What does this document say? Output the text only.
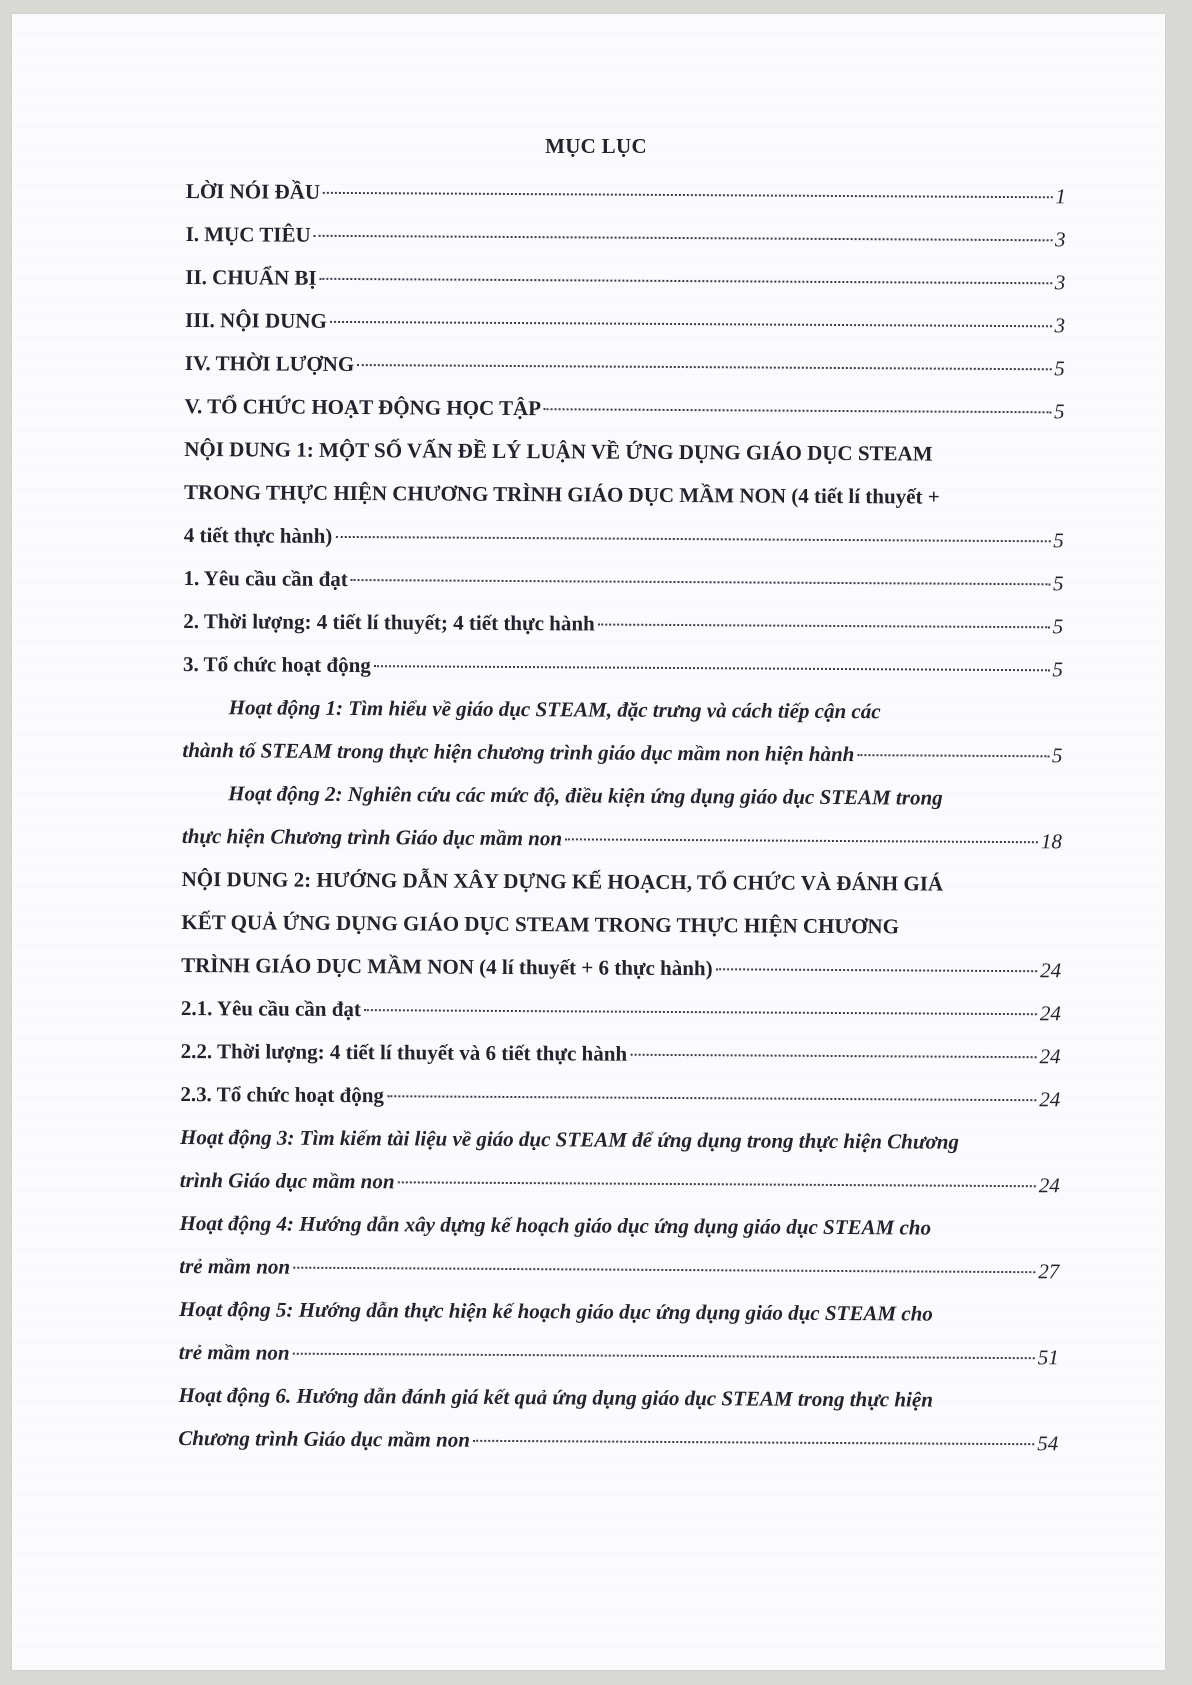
MỤC LỤC
LỜI NÓI ĐẦU	1
I. MỤC TIÊU	3
II. CHUẨN BỊ	3
III. NỘI DUNG	3
IV. THỜI LƯỢNG	5
V. TỔ CHỨC HOẠT ĐỘNG HỌC TẬP	5
NỘI DUNG 1: MỘT SỐ VẤN ĐỀ LÝ LUẬN VỀ ỨNG DỤNG GIÁO DỤC STEAM
TRONG THỰC HIỆN CHƯƠNG TRÌNH GIÁO DỤC MẦM NON (4 tiết lí thuyết +
4 tiết thực hành)	5
1. Yêu cầu cần đạt	5
2. Thời lượng: 4 tiết lí thuyết; 4 tiết thực hành	5
3. Tổ chức hoạt động	5
Hoạt động 1: Tìm hiểu về giáo dục STEAM, đặc trưng và cách tiếp cận các
thành tố STEAM trong thực hiện chương trình giáo dục mầm non hiện hành	5
Hoạt động 2: Nghiên cứu các mức độ, điều kiện ứng dụng giáo dục STEAM trong
thực hiện Chương trình Giáo dục mầm non	18
NỘI DUNG 2: HƯỚNG DẪN XÂY DỰNG KẾ HOẠCH, TỔ CHỨC VÀ ĐÁNH GIÁ
KẾT QUẢ ỨNG DỤNG GIÁO DỤC STEAM TRONG THỰC HIỆN CHƯƠNG
TRÌNH GIÁO DỤC MẦM NON (4 lí thuyết + 6 thực hành)	24
2.1. Yêu cầu cần đạt	24
2.2. Thời lượng: 4 tiết lí thuyết và 6 tiết thực hành	24
2.3. Tổ chức hoạt động	24
Hoạt động 3: Tìm kiếm tài liệu về giáo dục STEAM để ứng dụng trong thực hiện Chương
trình Giáo dục mầm non	24
Hoạt động 4: Hướng dẫn xây dựng kế hoạch giáo dục ứng dụng giáo dục STEAM cho
trẻ mầm non	27
Hoạt động 5: Hướng dẫn thực hiện kế hoạch giáo dục ứng dụng giáo dục STEAM cho
trẻ mầm non	51
Hoạt động 6. Hướng dẫn đánh giá kết quả ứng dụng giáo dục STEAM trong thực hiện
Chương trình Giáo dục mầm non	54
